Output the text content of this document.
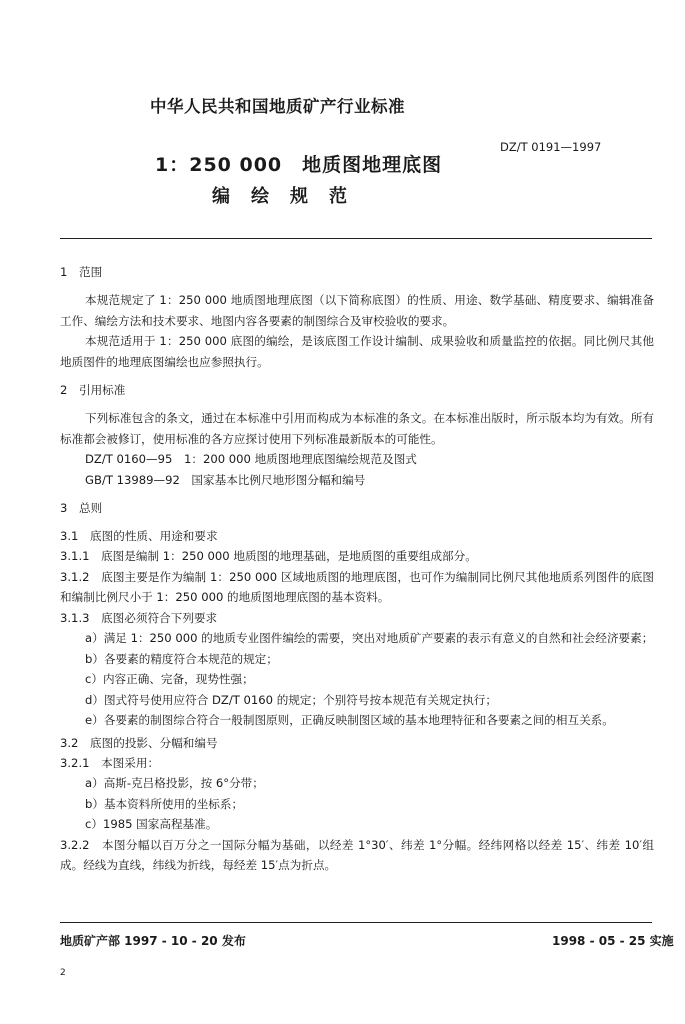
中华人民共和国地质矿产行业标准
DZ/T 0191—1997
1：250 000　地质图地理底图
编绘规范

1　范围

本规范规定了 1：250 000 地质图地理底图（以下简称底图）的性质、用途、数学基础、精度要求、编辑准备工作、编绘方法和技术要求、地图内容各要素的制图综合及审校验收的要求。

本规范适用于 1：250 000 底图的编绘，是该底图工作设计编制、成果验收和质量监控的依据。同比例尺其他地质图件的地理底图编绘也应参照执行。

2　引用标准

下列标准包含的条文，通过在本标准中引用而构成为本标准的条文。在本标准出版时，所示版本均为有效。所有标准都会被修订，使用标准的各方应探讨使用下列标准最新版本的可能性。

DZ/T 0160—95　1：200 000 地质图地理底图编绘规范及图式

GB/T 13989—92　国家基本比例尺地形图分幅和编号

3　总则

3.1　底图的性质、用途和要求

3.1.1　底图是编制 1：250 000 地质图的地理基础，是地质图的重要组成部分。

3.1.2　底图主要是作为编制 1：250 000 区域地质图的地理底图，也可作为编制同比例尺其他地质系列图件的底图和编制比例尺小于 1：250 000 的地质图地理底图的基本资料。

3.1.3　底图必须符合下列要求

a）满足 1：250 000 的地质专业图件编绘的需要，突出对地质矿产要素的表示有意义的自然和社会经济要素；

b）各要素的精度符合本规范的规定；

c）内容正确、完备，现势性强；

d）图式符号使用应符合 DZ/T 0160 的规定；个别符号按本规范有关规定执行；

e）各要素的制图综合符合一般制图原则，正确反映制图区域的基本地理特征和各要素之间的相互关系。

3.2　底图的投影、分幅和编号

3.2.1　本图采用：

a）高斯-克吕格投影，按 6°分带；

b）基本资料所使用的坐标系；

c）1985 国家高程基准。

3.2.2　本图分幅以百万分之一国际分幅为基础，以经差 1°30′、纬差 1°分幅。经纬网格以经差 15′、纬差 10′组成。经线为直线，纬线为折线，每经差 15′点为折点。

地质矿产部 1997 - 10 - 20 发布	1998 - 05 - 25 实施
2
